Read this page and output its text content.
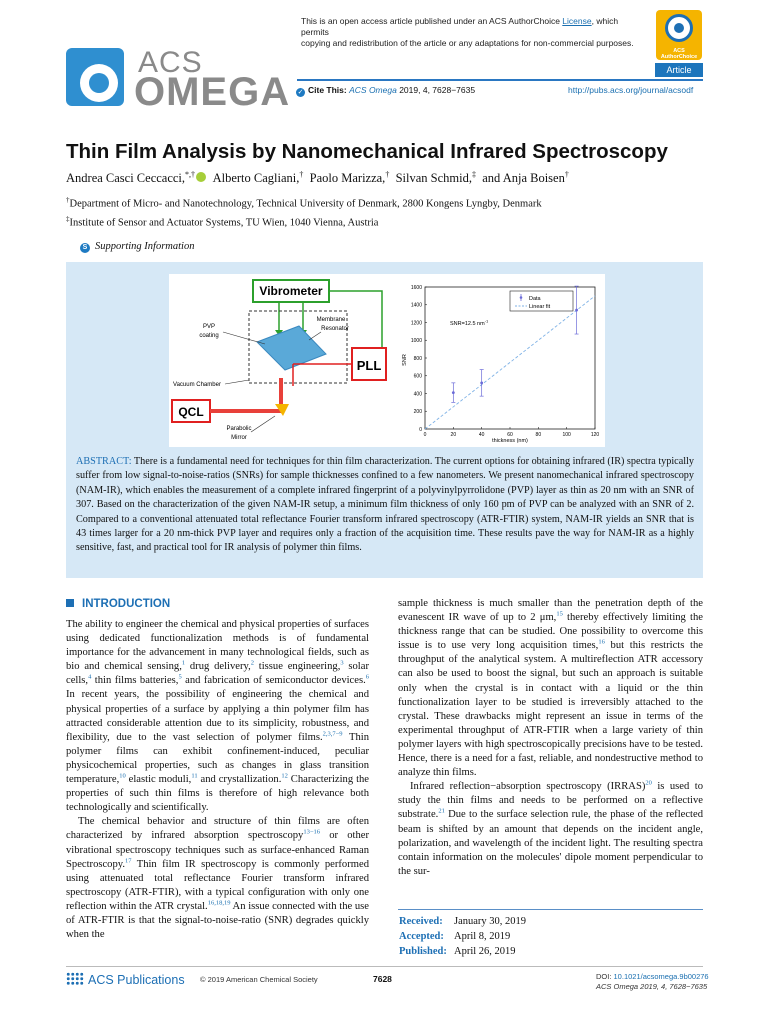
ACS
OMEGA
This is an open access article published under an ACS AuthorChoice License, which permits
copying and redistribution of the article or any adaptations for non-commercial purposes.
ACS AuthorChoice
Article
✓ Cite This: ACS Omega 2019, 4, 7628−7635	http://pubs.acs.org/journal/acsodf
Thin Film Analysis by Nanomechanical Infrared Spectroscopy
Andrea Casci Ceccacci,*,† Alberto Cagliani,† Paolo Marizza,† Silvan Schmid,‡ and Anja Boisen†
†Department of Micro- and Nanotechnology, Technical University of Denmark, 2800 Kongens Lyngby, Denmark
‡Institute of Sensor and Actuator Systems, TU Wien, 1040 Vienna, Austria
S Supporting Information
Vibrometer
PVP
coating
Membrane
Resonator
PLL
Vacuum Chamber
QCL
Parabolic
Mirror
SNR
thickness (nm)
SNR=12.5 $nm^{-1}$
Data
Linear fit
0	20	40	60	80	100	120
0
200
400
600
800
1000
1200
1400
1600
ABSTRACT: There is a fundamental need for techniques for thin film characterization. The current options for obtaining infrared (IR) spectra typically suffer from low signal-to-noise-ratios (SNRs) for sample thicknesses confined to a few nanometers. We present nanomechanical infrared spectroscopy (NAM-IR), which enables the measurement of a complete infrared fingerprint of a polyvinylpyrrolidone (PVP) layer as thin as 20 nm with an SNR of 307. Based on the characterization of the given NAM-IR setup, a minimum film thickness of only 160 pm of PVP can be analyzed with an SNR of 2. Compared to a conventional attenuated total reflectance Fourier transform infrared spectroscopy (ATR-FTIR) system, NAM-IR yields an SNR that is 43 times larger for a 20 nm-thick PVP layer and requires only a fraction of the acquisition time. These results pave the way for NAM-IR as a highly sensitive, fast, and practical tool for IR analysis of polymer thin films.
INTRODUCTION

The ability to engineer the chemical and physical properties of surfaces using dedicated functionalization methods is of fundamental importance for the advancement in many technological fields, such as bio and chemical sensing,$^1$ drug delivery,$^2$ tissue engineering,$^3$ solar cells,$^4$ thin films batteries,$^5$ and fabrication of semiconductor devices.$^6$ In recent years, the possibility of engineering the chemical and physical properties of a surface by applying a thin polymer film has attracted considerable attention due to its simplicity, robustness, and flexibility, due to the vast selection of polymer films.$^{2,3,7-9}$ Thin polymer films can exhibit confinement-induced, peculiar physicochemical properties, such as changes in glass transition temperature,$^{10}$ elastic moduli,$^{11}$ and crystallization.$^{12}$ Characterizing the properties of such thin films is therefore of high relevance both technologically and scientifically.

The chemical behavior and structure of thin films are often characterized by infrared absorption spectroscopy$^{13-16}$ or other vibrational spectroscopy techniques such as surface-enhanced Raman Spectroscopy.$^{17}$ Thin film IR spectroscopy is commonly performed using attenuated total reflectance Fourier transform infrared spectroscopy (ATR-FTIR), with a typical configuration with only one reflection within the ATR crystal.$^{16,18,19}$ An issue connected with the use of ATR-FTIR is that the signal-to-noise-ratio (SNR) degrades quickly when the

sample thickness is much smaller than the penetration depth of the evanescent IR wave of up to 2 μm,$^{15}$ thereby effectively limiting the thickness range that can be studied. One possibility to overcome this issue is to use very long acquisition times,$^{16}$ but this restricts the throughput of the analytical system. A multireflection ATR accessory can also be used to boost the signal, but such an approach is suitable only when the crystal is in contact with a liquid or the thin functionalization layer to be studied is irreversibly attached to the crystal. These drawbacks might represent an issue in terms of the experimental throughput of ATR-FTIR when a large variety of thin polymer layers with high spectroscopically precisions have to be tested. Hence, there is a need for a fast, reliable, and nondestructive method to analyze thin films.

Infrared reflection−absorption spectroscopy (IRRAS)$^{20}$ is used to study the thin films and needs to be performed on a reflective substrate.$^{21}$ Due to the surface selection rule, the phase of the reflected beam is shifted by an amount that depends on the incident angle, polarization, and wavelength of the incident light. The resulting spectra contain information on the molecules' dipole moment perpendicular to the sur-

Received: January 30, 2019
Accepted: April 8, 2019
Published: April 26, 2019
ACS Publications © 2019 American Chemical Society	7628	DOI: 10.1021/acsomega.9b00276
ACS Omega 2019, 4, 7628−7635
